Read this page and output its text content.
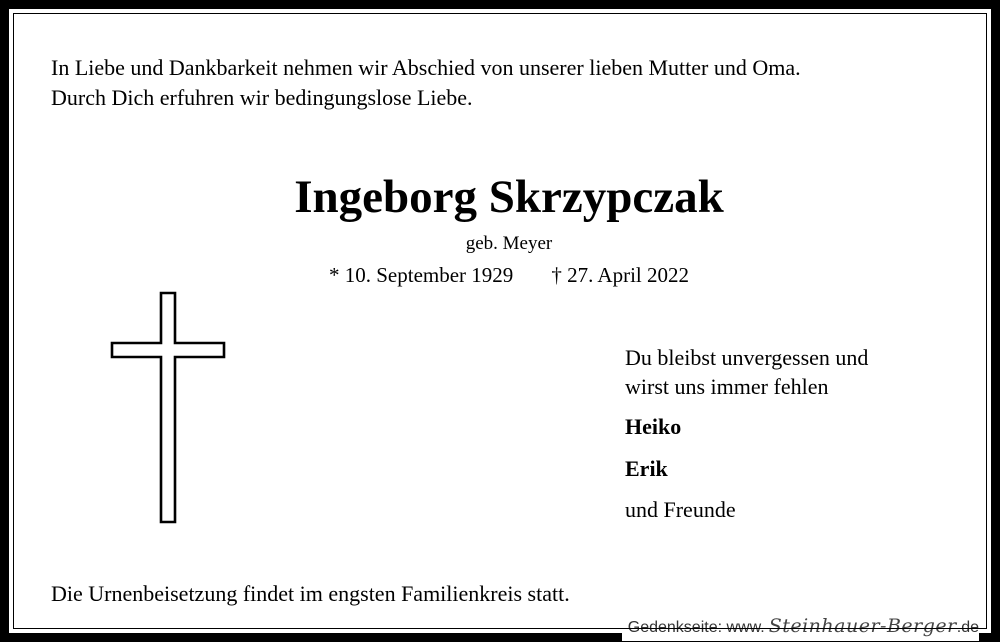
In Liebe und Dankbarkeit nehmen wir Abschied von unserer lieben Mutter und Oma.
Durch Dich erfuhren wir bedingungslose Liebe.
Ingeborg Skrzypczak
geb. Meyer
* 10. September 1929 † 27. April 2022
Du bleibst unvergessen und
wirst uns immer fehlen
Heiko
Erik
und Freunde
Die Urnenbeisetzung findet im engsten Familienkreis statt.
Gedenkseite: www. Steinhauer-Berger .de
